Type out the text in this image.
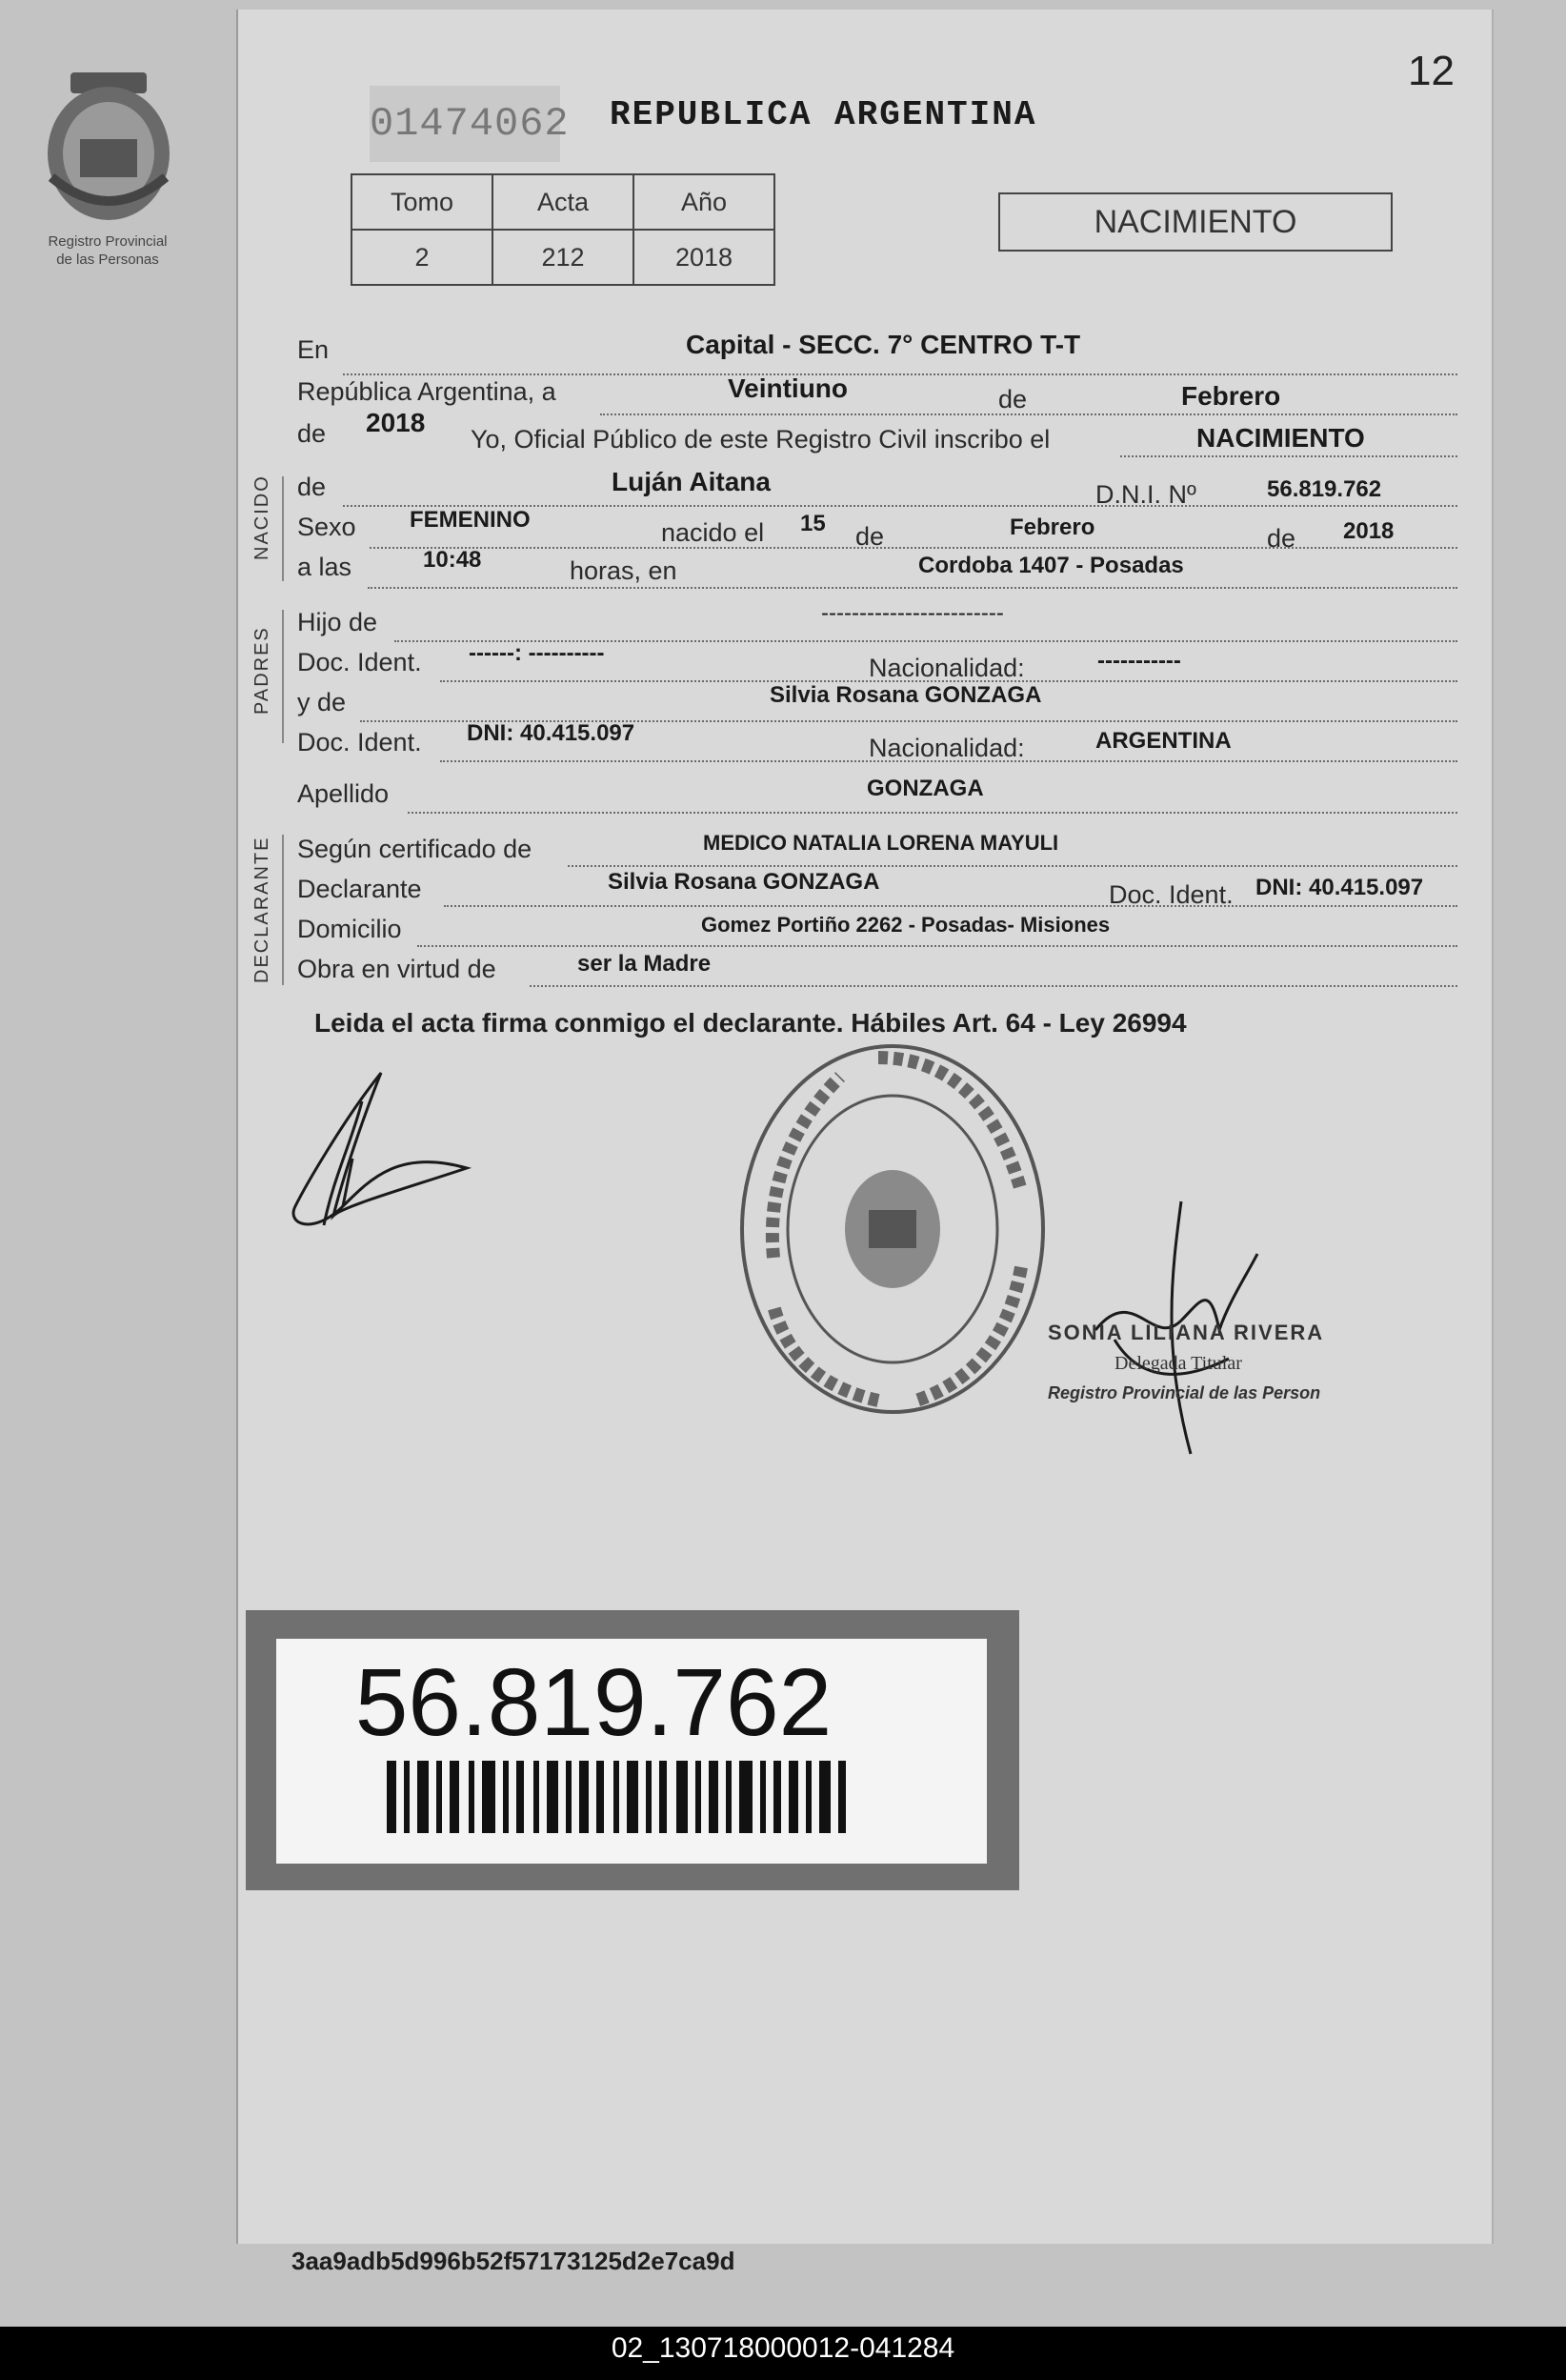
Registro Provincial
de las Personas
01474062 REPUBLICA ARGENTINA
12
Tomo	Acta	Año
2	212	2018
NACIMIENTO
NACIDO
PADRES
DECLARANTE
En	Capital - SECC. 7° CENTRO T-T
República Argentina, a	Veintiuno	de	Febrero
de 2018
Yo, Oficial Público de este Registro Civil inscribo el	NACIMIENTO
de	Luján Aitana	D.N.I. Nº	56.819.762
Sexo FEMENINO	nacido el 15 de	Febrero	de 2018
a las	10:48	horas, en	Cordoba 1407 - Posadas
Hijo de	------------------------
Doc. Ident. ------: ----------
Nacionalidad:	-----------
y de	Silvia Rosana GONZAGA
Doc. Ident. DNI: 40.415.097
Nacionalidad:	ARGENTINA
Apellido	GONZAGA
Según certificado de	MEDICO NATALIA LORENA MAYULI
Declarante	Silvia Rosana GONZAGA	Doc. Ident. DNI: 40.415.097
Domicilio	Gomez Portiño 2262 - Posadas- Misiones
Obra en virtud de	ser la Madre
Leida el acta firma conmigo el declarante. Hábiles Art. 64 - Ley 26994
SONIA LILIANA RIVERA
Delegada Titular
Registro Provincial de las Person
56.819.762
3aa9adb5d996b52f57173125d2e7ca9d
02_130718000012-041284
